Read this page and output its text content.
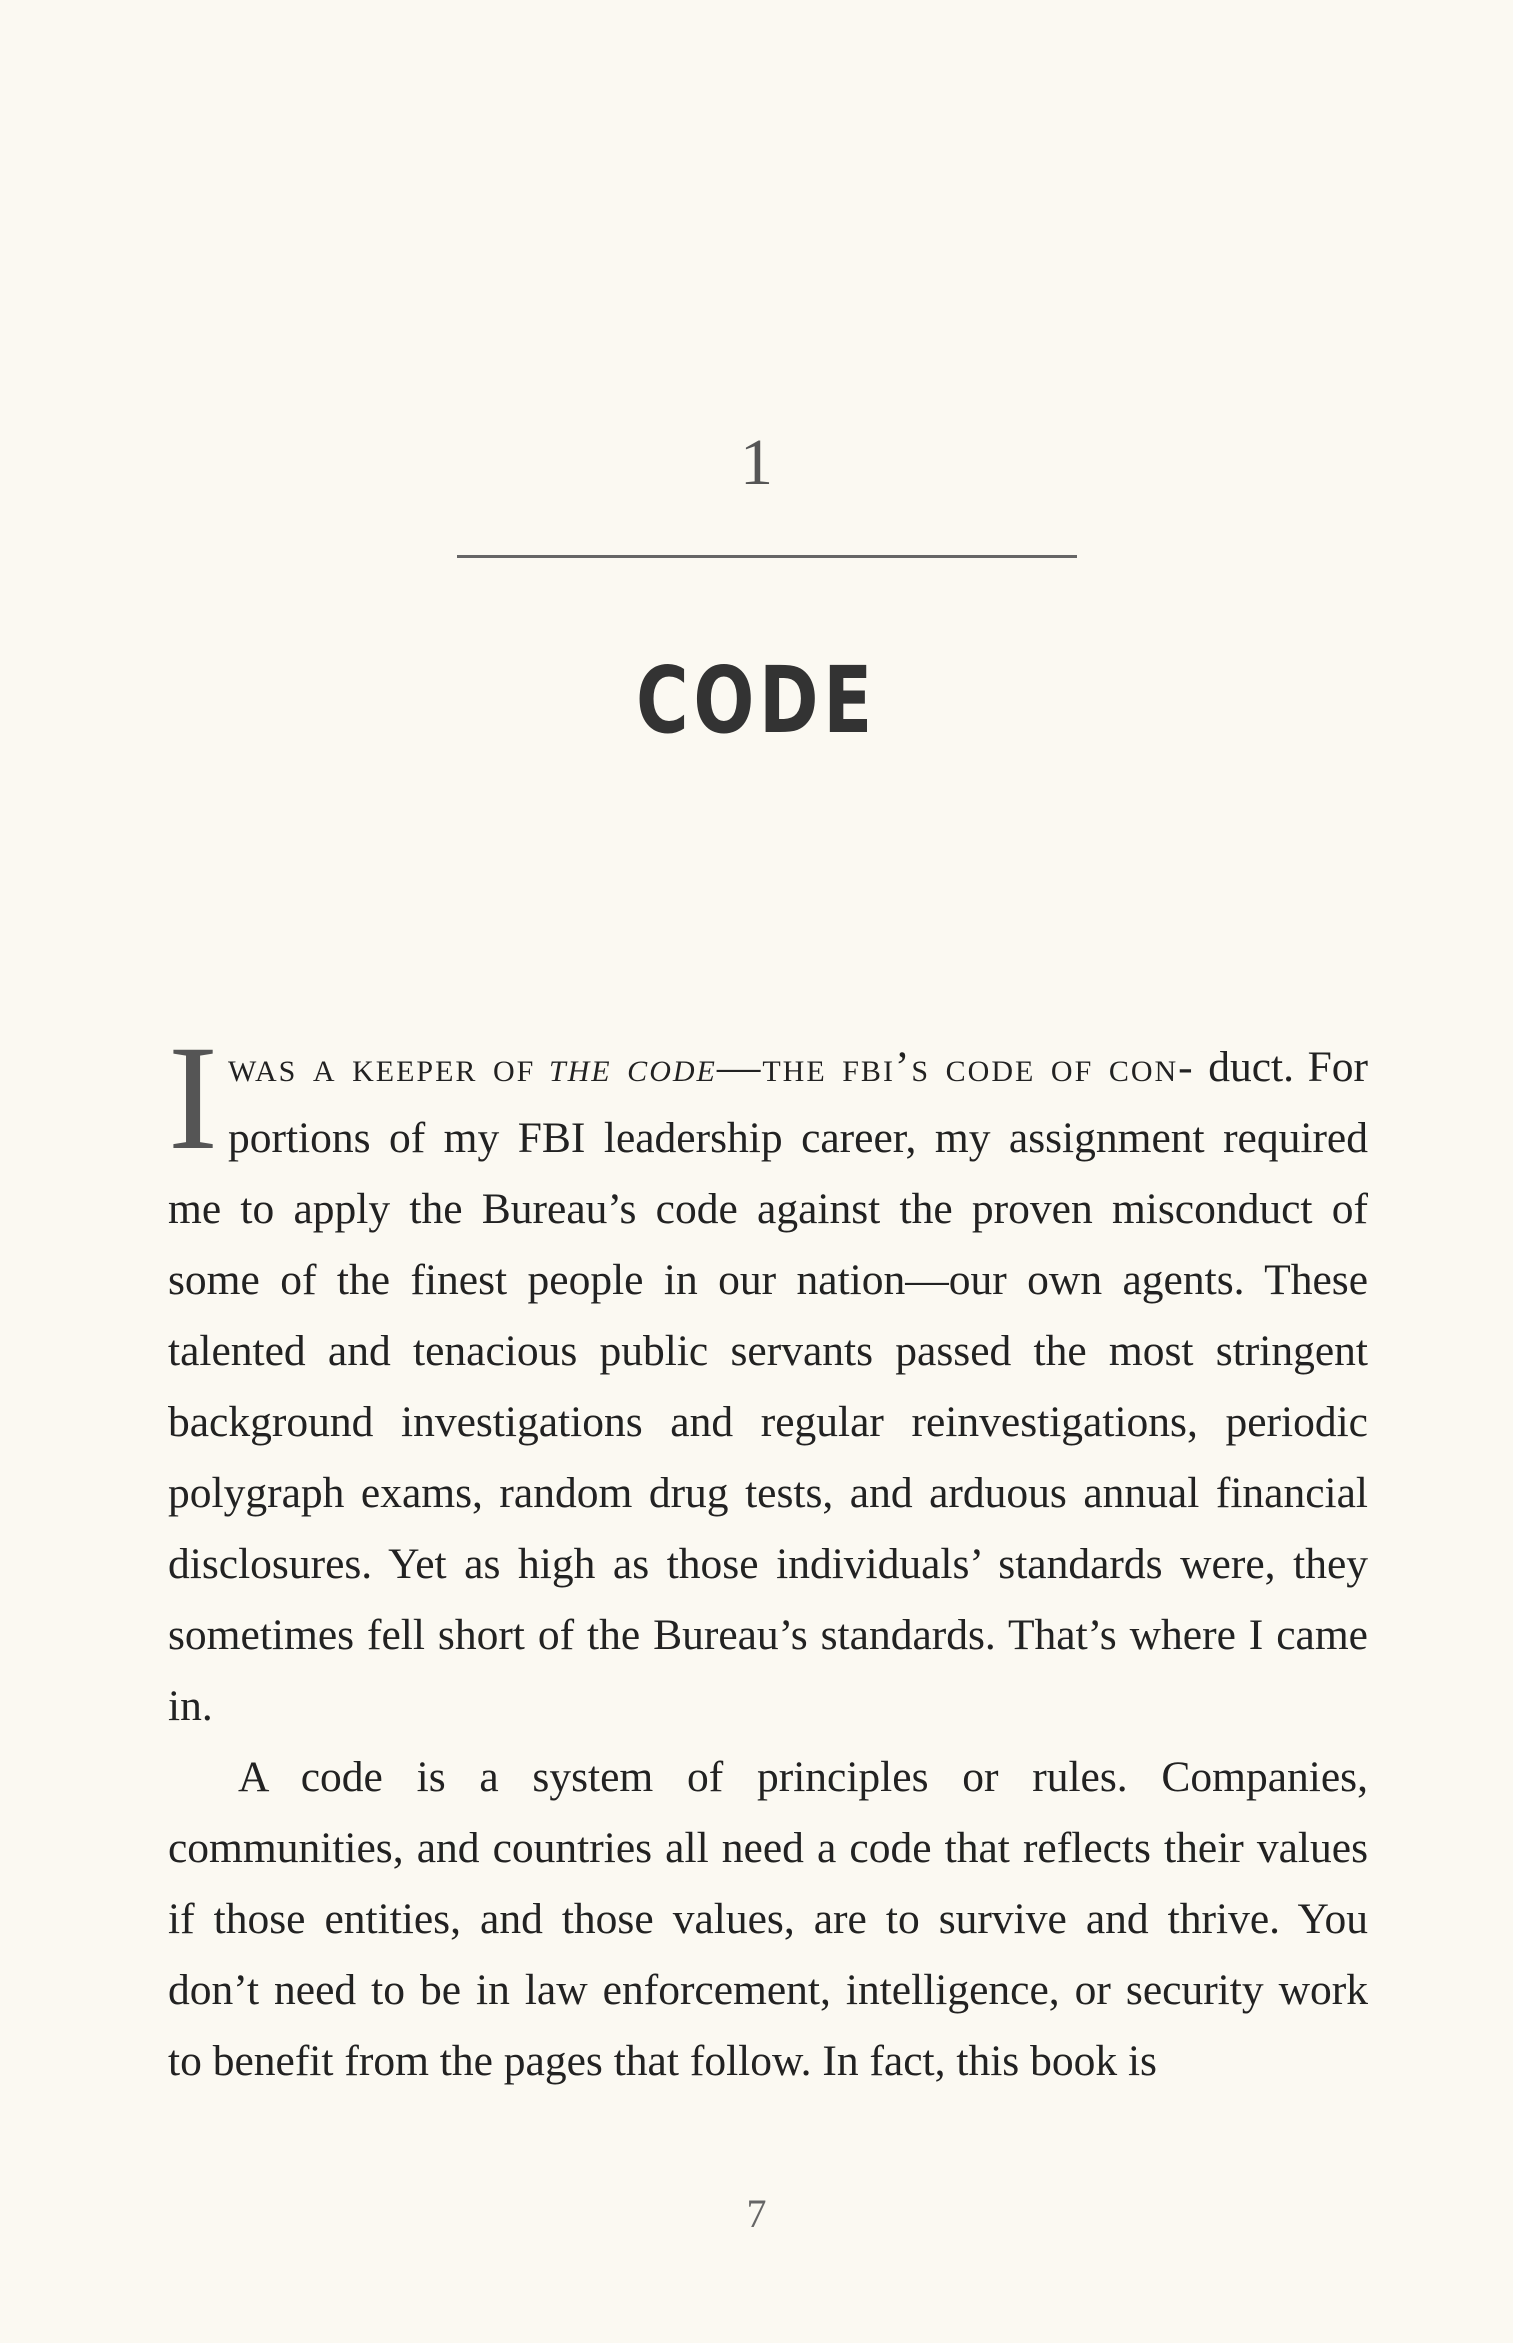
1
CODE

Iwas a keeper of the code—the fbi’s code of con- duct. For portions of my FBI leadership career, my assignment required me to apply the Bureau’s code against the proven misconduct of some of the finest people in our nation—our own agents. These talented and tenacious public servants passed the most stringent background investigations and regular reinvestigations, periodic polygraph exams, random drug tests, and arduous annual financial disclosures. Yet as high as those individuals’ standards were, they sometimes fell short of the Bureau’s standards. That’s where I came in.

A code is a system of principles or rules. Companies, communities, and countries all need a code that reflects their values if those entities, and those values, are to survive and thrive. You don’t need to be in law enforcement, intelligence, or security work to benefit from the pages that follow. In fact, this book is

7
